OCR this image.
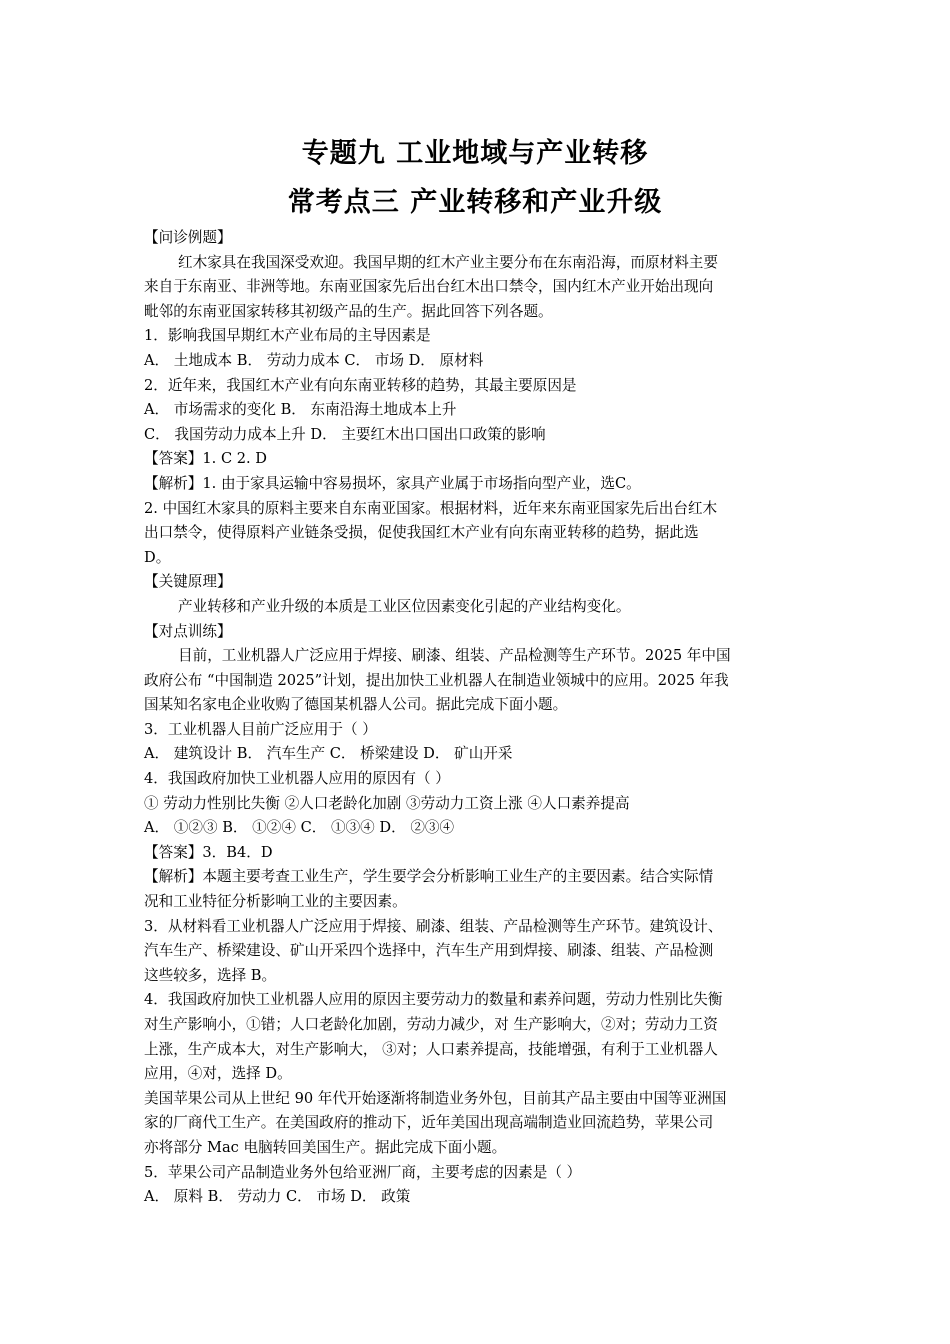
专题九 工业地域与产业转移
常考点三 产业转移和产业升级
【问诊例题】
红木家具在我国深受欢迎。我国早期的红木产业主要分布在东南沿海，而原材料主要
来自于东南亚、非洲等地。东南亚国家先后出台红木出口禁令，国内红木产业开始出现向
毗邻的东南亚国家转移其初级产品的生产。据此回答下列各题。
1．影响我国早期红木产业布局的主导因素是
A． 土地成本 B． 劳动力成本 C． 市场 D． 原材料
2．近年来，我国红木产业有向东南亚转移的趋势，其最主要原因是
A． 市场需求的变化 B． 东南沿海土地成本上升
C． 我国劳动力成本上升 D． 主要红木出口国出口政策的影响
【答案】1. C 2. D
【解析】1. 由于家具运输中容易损坏，家具产业属于市场指向型产业，选C。
2. 中国红木家具的原料主要来自东南亚国家。根据材料，近年来东南亚国家先后出台红木
出口禁令，使得原料产业链条受损，促使我国红木产业有向东南亚转移的趋势，据此选
D。
【关键原理】
产业转移和产业升级的本质是工业区位因素变化引起的产业结构变化。
【对点训练】
目前，工业机器人广泛应用于焊接、刷漆、组装、产品检测等生产环节。2025 年中国
政府公布 “中国制造 2025”计划，提出加快工业机器人在制造业领城中的应用。2025 年我
国某知名家电企业收购了德国某机器人公司。据此完成下面小题。
3．工业机器人目前广泛应用于（ ）
A． 建筑设计 B． 汽车生产 C． 桥梁建设 D． 矿山开采
4．我国政府加快工业机器人应用的原因有（ ）
① 劳动力性别比失衡 ②人口老龄化加剧 ③劳动力工资上涨 ④人口素养提高
A． ①②③ B． ①②④ C． ①③④ D． ②③④
【答案】3．B4．D
【解析】本题主要考查工业生产，学生要学会分析影响工业生产的主要因素。结合实际情
况和工业特征分析影响工业的主要因素。
3．从材料看工业机器人广泛应用于焊接、刷漆、组装、产品检测等生产环节。建筑设计、
汽车生产、桥梁建设、矿山开采四个选择中，汽车生产用到焊接、刷漆、组装、产品检测
这些较多，选择 B。
4．我国政府加快工业机器人应用的原因主要劳动力的数量和素养问题，劳动力性别比失衡
对生产影响小，①错；人口老龄化加剧，劳动力减少，对 生产影响大，②对；劳动力工资
上涨，生产成本大，对生产影响大， ③对；人口素养提高，技能增强，有利于工业机器人
应用，④对，选择 D。
美国苹果公司从上世纪 90 年代开始逐渐将制造业务外包，目前其产品主要由中国等亚洲国
家的厂商代工生产。在美国政府的推动下，近年美国出现高端制造业回流趋势，苹果公司
亦将部分 Mac 电脑转回美国生产。据此完成下面小题。
5．苹果公司产品制造业务外包给亚洲厂商，主要考虑的因素是（ ）
A． 原料 B． 劳动力 C． 市场 D． 政策
